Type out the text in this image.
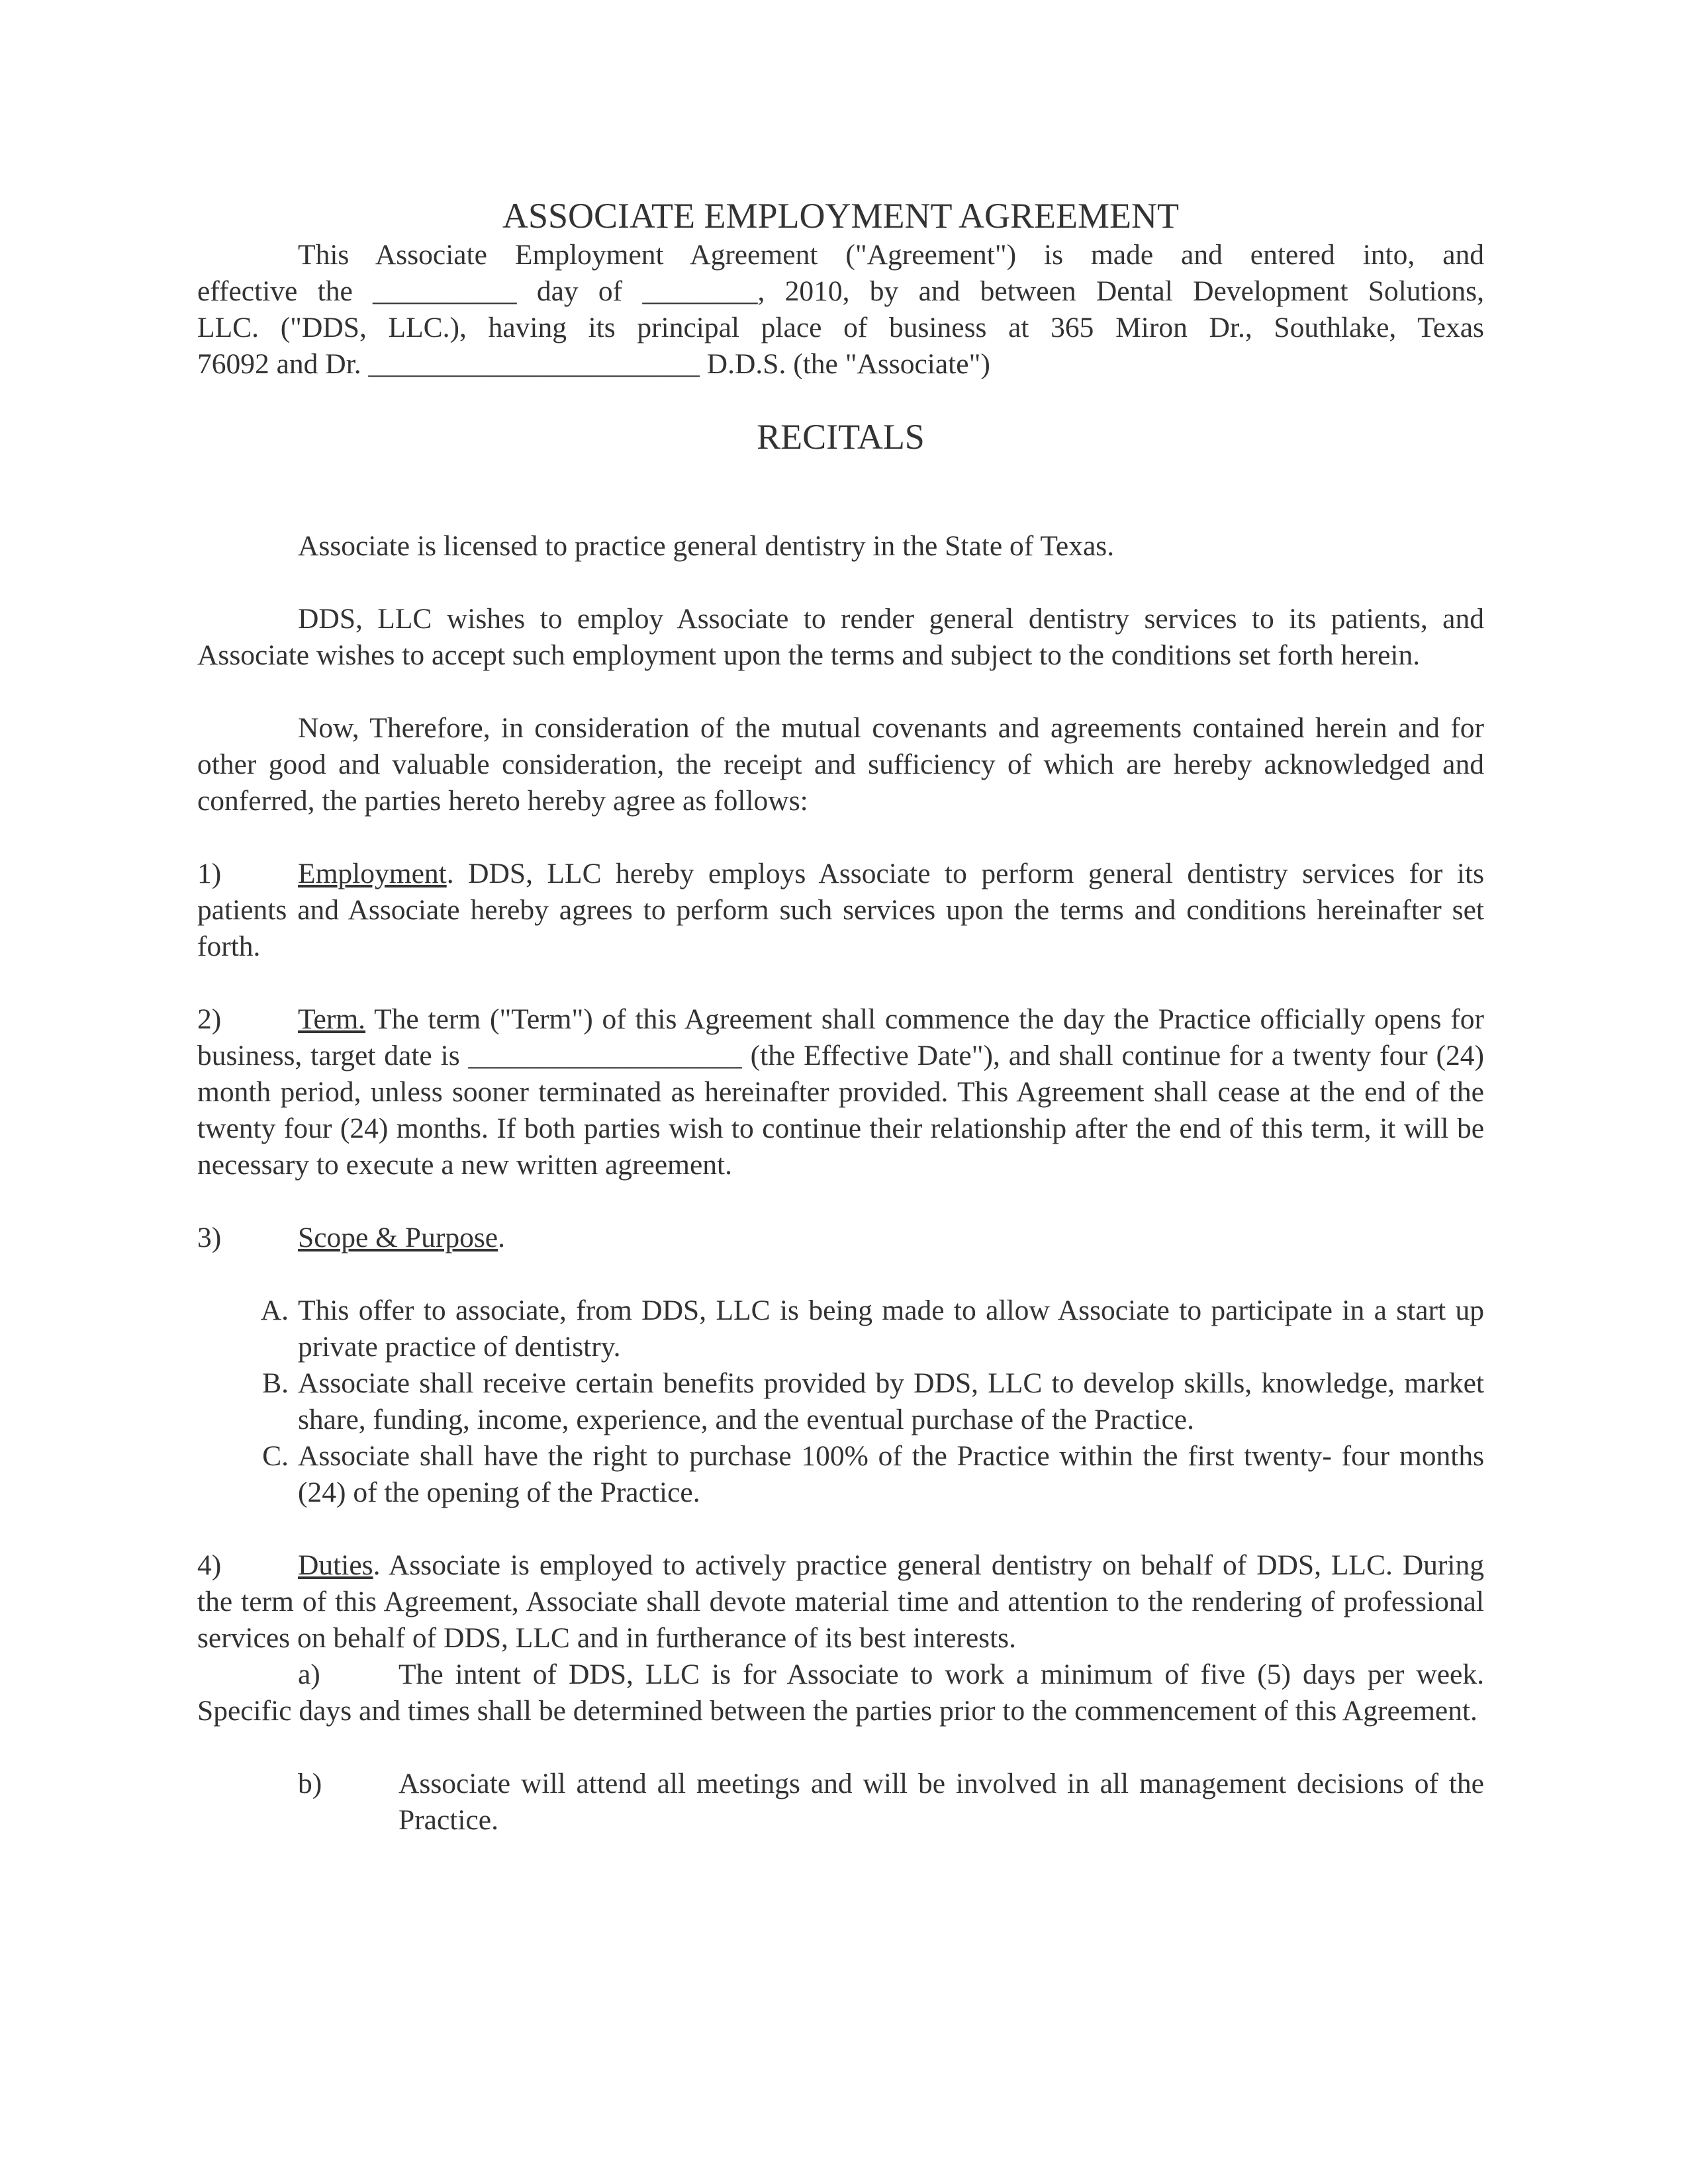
ASSOCIATE EMPLOYMENT AGREEMENT

This Associate Employment Agreement ("Agreement") is made and entered into, and
effective the __________ day of ________, 2010, by and between Dental Development Solutions,
LLC. ("DDS, LLC.), having its principal place of business at 365 Miron Dr., Southlake, Texas
76092 and Dr. _______________________ D.D.S. (the "Associate")

RECITALS

Associate is licensed to practice general dentistry in the State of Texas.

DDS, LLC wishes to employ Associate to render general dentistry services to its patients, and Associate wishes to accept such employment upon the terms and subject to the conditions set forth herein.

Now, Therefore, in consideration of the mutual covenants and agreements contained herein and for other good and valuable consideration, the receipt and sufficiency of which are hereby acknowledged and conferred, the parties hereto hereby agree as follows:

1)	Employment. DDS, LLC hereby employs Associate to perform general dentistry services for its patients and Associate hereby agrees to perform such services upon the terms and conditions hereinafter set forth.

2)	Term. The term ("Term") of this Agreement shall commence the day the Practice officially opens for business, target date is ___________________ (the Effective Date"), and shall continue for a twenty four (24) month period, unless sooner terminated as hereinafter provided. This Agreement shall cease at the end of the twenty four (24) months. If both parties wish to continue their relationship after the end of this term, it will be necessary to execute a new written agreement.

3)	Scope & Purpose.

A. This offer to associate, from DDS, LLC is being made to allow Associate to participate in a start up private practice of dentistry.
B. Associate shall receive certain benefits provided by DDS, LLC to develop skills, knowledge, market share, funding, income, experience, and the eventual purchase of the Practice.
C. Associate shall have the right to purchase 100% of the Practice within the first twenty- four months (24) of the opening of the Practice.

4)	Duties. Associate is employed to actively practice general dentistry on behalf of DDS, LLC. During the term of this Agreement, Associate shall devote material time and attention to the rendering of professional services on behalf of DDS, LLC and in furtherance of its best interests.

a)	The intent of DDS, LLC is for Associate to work a minimum of five (5) days per week. Specific days and times shall be determined between the parties prior to the commencement of this Agreement.

b)	Associate will attend all meetings and will be involved in all management decisions of the Practice.
